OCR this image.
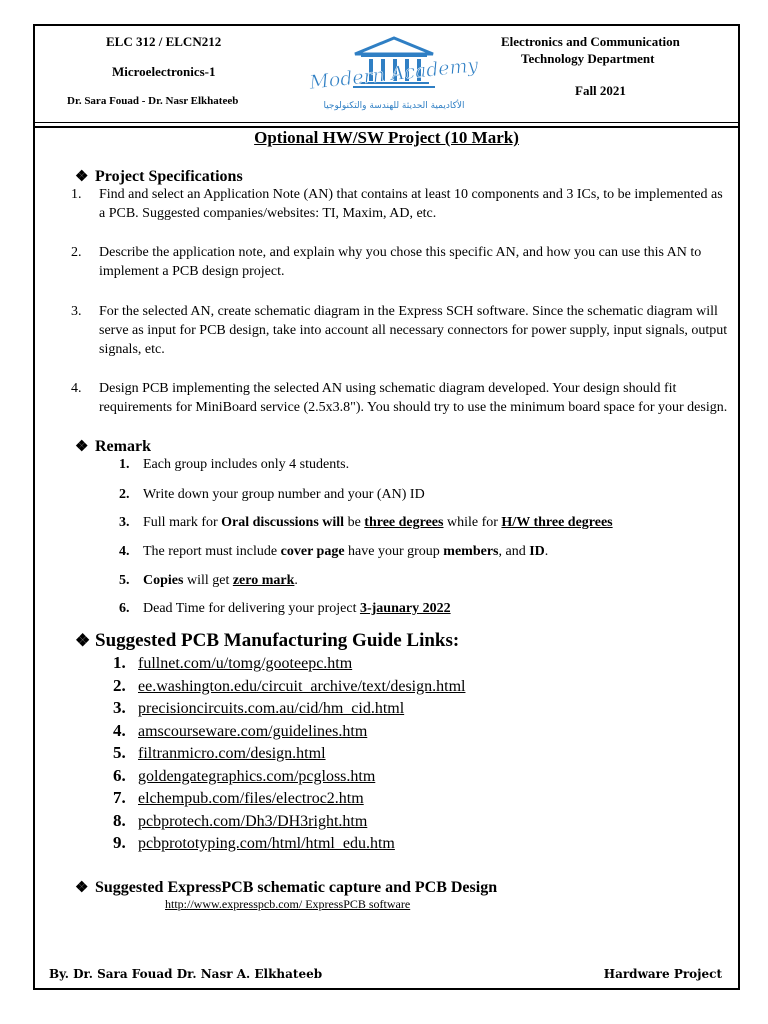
ELC 312 / ELCN212
Microelectronics-1
Dr. Sara Fouad - Dr. Nasr Elkhateeb
Modern Academy
الأكاديمية الحديثة للهندسة والتكنولوجيا
Electronics and Communication
Technology Department
Fall 2021
Optional HW/SW Project (10 Mark)
❖ Project Specifications
1. Find and select an Application Note (AN) that contains at least 10 components and 3 ICs, to be implemented as a PCB. Suggested companies/websites: TI, Maxim, AD, etc.
2. Describe the application note, and explain why you chose this specific AN, and how you can use this AN to implement a PCB design project.
3. For the selected AN, create schematic diagram in the Express SCH software. Since the schematic diagram will serve as input for PCB design, take into account all necessary connectors for power supply, input signals, output signals, etc.
4. Design PCB implementing the selected AN using schematic diagram developed. Your design should fit requirements for MiniBoard service (2.5x3.8"). You should try to use the minimum board space for your design.
❖ Remark
1. Each group includes only 4 students.
2. Write down your group number and your (AN) ID
3. Full mark for Oral discussions will be three degrees while for H/W three degrees
4. The report must include cover page have your group members, and ID.
5. Copies will get zero mark.
6. Dead Time for delivering your project 3-jaunary 2022
❖ Suggested PCB Manufacturing Guide Links:
1. fullnet.com/u/tomg/gooteepc.htm
2. ee.washington.edu/circuit_archive/text/design.html
3. precisioncircuits.com.au/cid/hm_cid.html
4. amscourseware.com/guidelines.htm
5. filtranmicro.com/design.html
6. goldengategraphics.com/pcgloss.htm
7. elchempub.com/files/electroc2.htm
8. pcbprotech.com/Dh3/DH3right.htm
9. pcbprototyping.com/html/html_edu.htm
❖ Suggested ExpressPCB schematic capture and PCB Design
http://www.expresspcb.com/ ExpressPCB software
By. Dr. Sara Fouad Dr. Nasr A. Elkhateeb	Hardware Project
